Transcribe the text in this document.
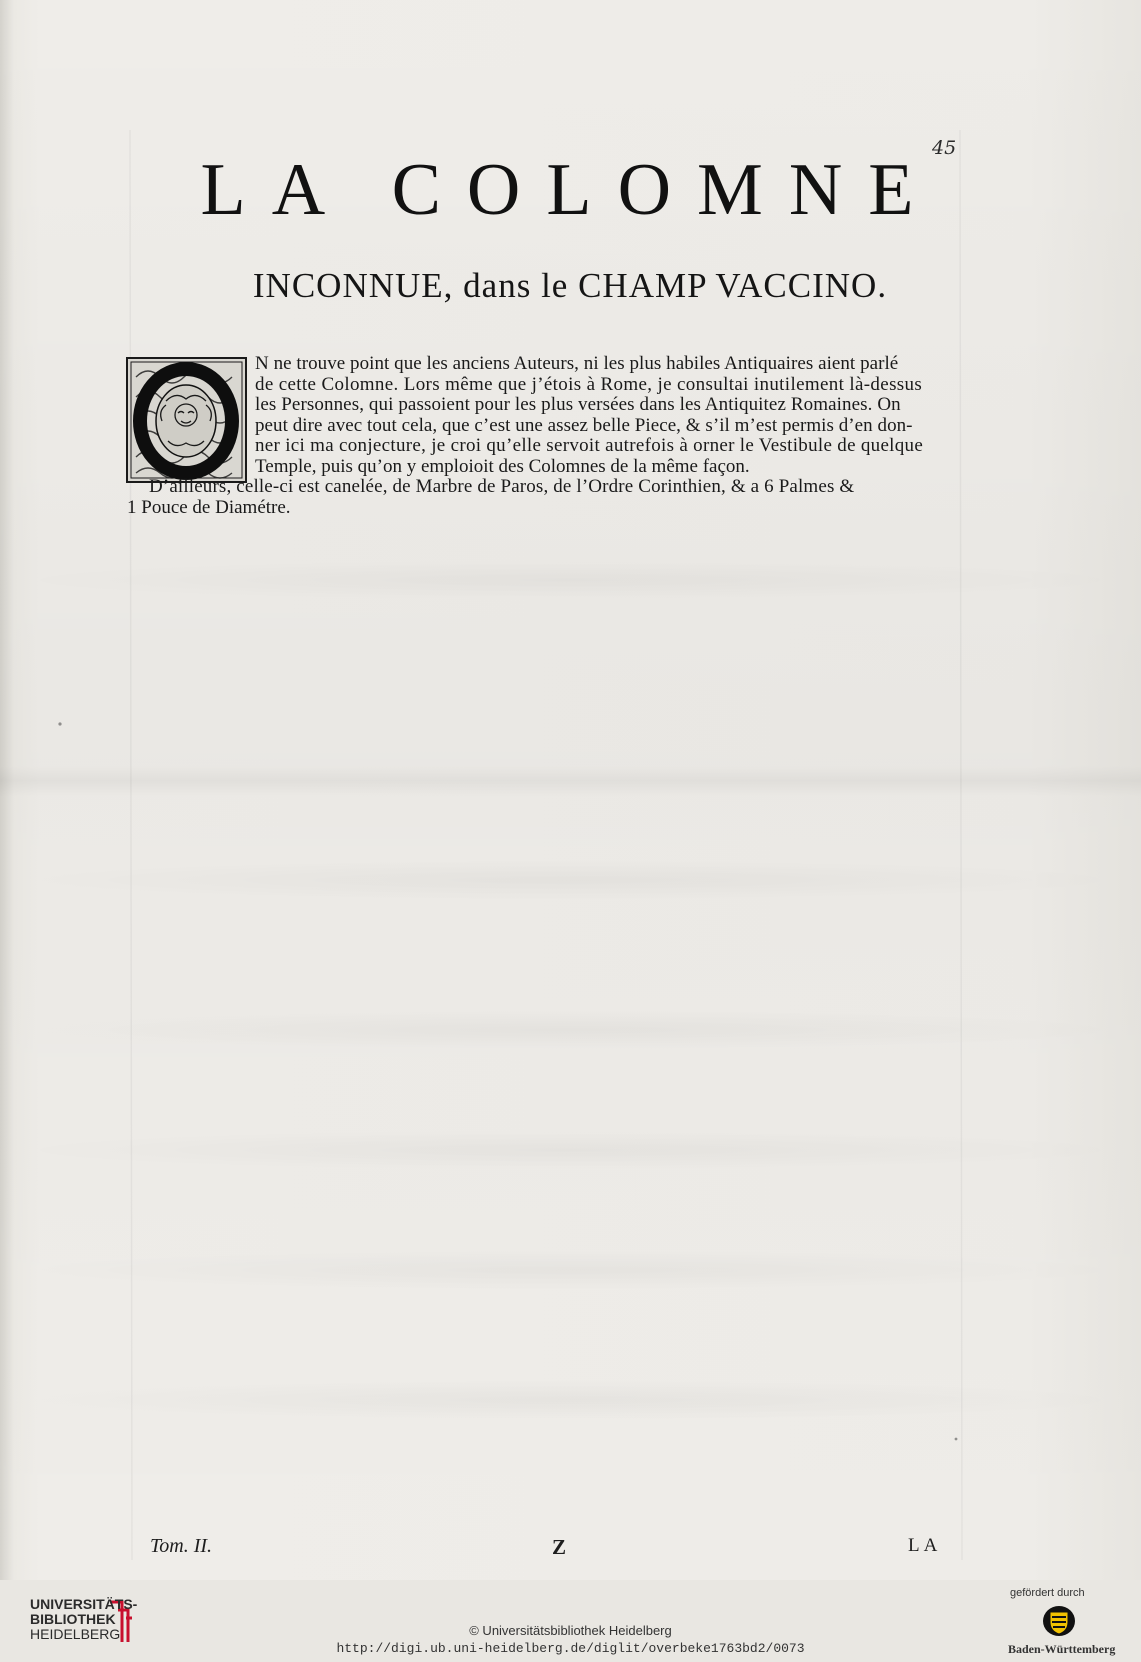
45
LA COLOMNE
INCONNUE, dans le CHAMP VACCINO.
N ne trouve point que les anciens Auteurs, ni les plus habiles Antiquaires aient parlé
de cette Colomne. Lors même que j’étois à Rome, je consultai inutilement là-dessus
les Personnes, qui passoient pour les plus versées dans les Antiquitez Romaines. On
peut dire avec tout cela, que c’est une assez belle Piece, & s’il m’est permis d’en don-
ner ici ma conjecture, je croi qu’elle servoit autrefois à orner le Vestibule de quelque
Temple, puis qu’on y emploioit des Colomnes de la même façon.
D’ailleurs, celle-ci est canelée, de Marbre de Paros, de l’Ordre Corinthien, & a 6 Palmes &
1 Pouce de Diamétre.
Tom. II.	Z	LA
UNIVERSITÄTS-
BIBLIOTHEK
HEIDELBERG	© Universitätsbibliothek Heidelberg
http://digi.ub.uni-heidelberg.de/diglit/overbeke1763bd2/0073
gefördert durch
Baden-Württemberg
